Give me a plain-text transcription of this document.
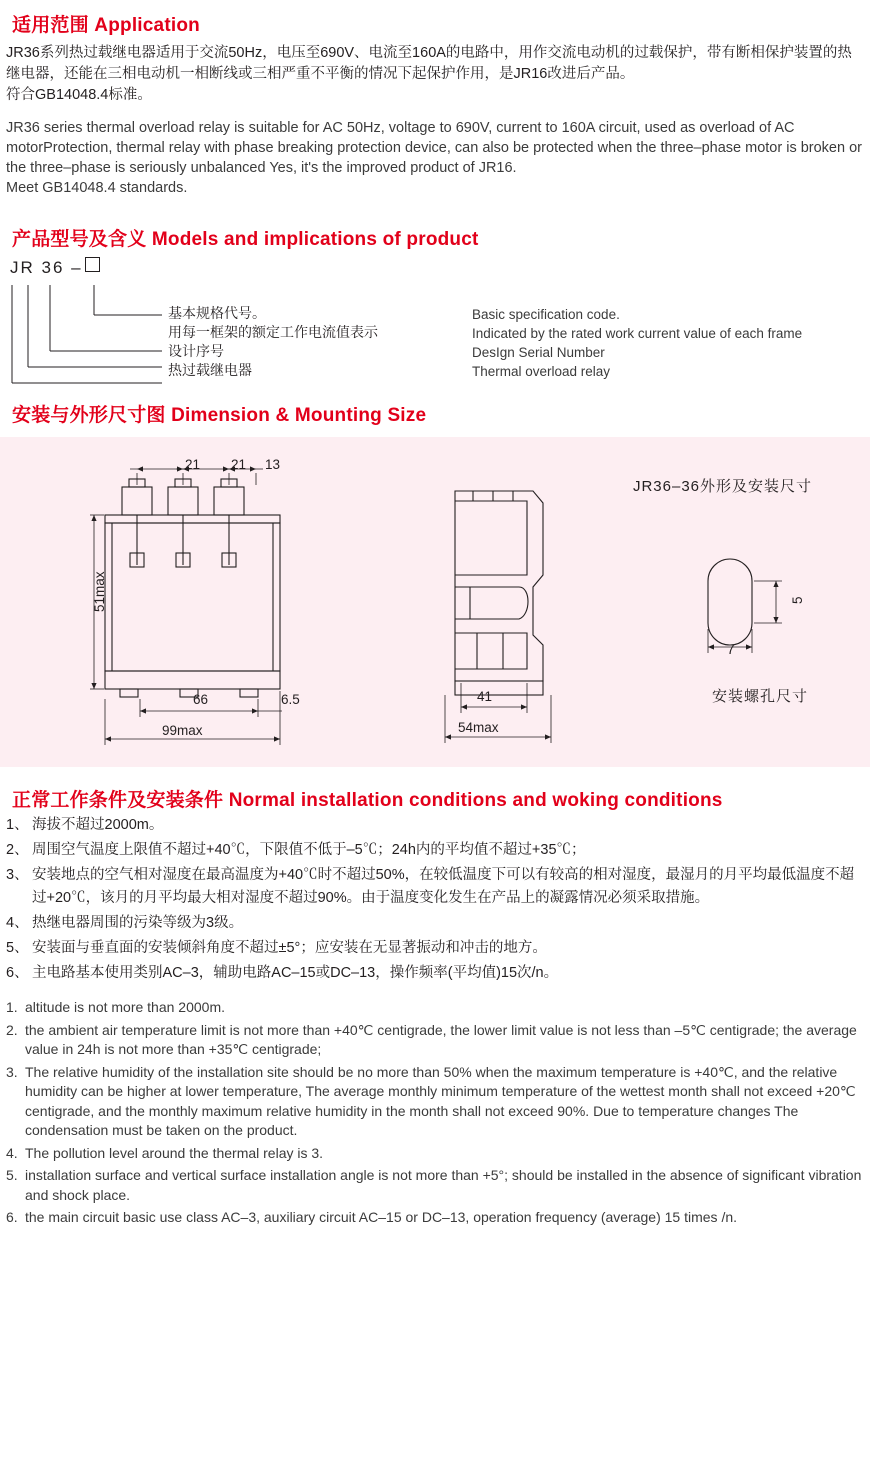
适用范围 Application

JR36系列热过载继电器适用于交流50Hz，电压至690V、电流至160A的电路中，用作交流电动机的过载保护，带有断相保护装置的热继电器，还能在三相电动机一相断线或三相严重不平衡的情况下起保护作用，是JR16改进后产品。

符合GB14048.4标准。

JR36 series thermal overload relay is suitable for AC 50Hz, voltage to 690V, current to 160A circuit, used as overload of AC motorProtection, thermal relay with phase breaking protection device, can also be protected when the three–phase motor is broken or the three–phase is seriously unbalanced Yes, it's the improved product of JR16.

Meet GB14048.4 standards.

产品型号及含义 Models and implications of product
JR 36 –
基本规格代号。
用每一框架的额定工作电流值表示
设计序号
热过载继电器
Basic specification code.
Indicated by the rated work current value of each frame
DesIgn Serial Number
Thermal overload relay
安装与外形尺寸图 Dimension & Mounting Size
JR36–36外形及安装尺寸
安装螺孔尺寸
21 21 13
51max
66	6.5
99max
41
54max
7
5
正常工作条件及安装条件 Normal installation conditions and woking conditions
1、 海拔不超过2000m。
2、 周围空气温度上限值不超过+40℃，下限值不低于–5℃；24h内的平均值不超过+35℃；
3、 安装地点的空气相对湿度在最高温度为+40℃时不超过50%，在较低温度下可以有较高的相对湿度，最湿月的月平均最低温度不超过+20℃，该月的月平均最大相对湿度不超过90%。由于温度变化发生在产品上的凝露情况必须采取措施。
4、 热继电器周围的污染等级为3级。
5、 安装面与垂直面的安装倾斜角度不超过±5°；应安装在无显著振动和冲击的地方。
6、 主电路基本使用类别AC–3，辅助电路AC–15或DC–13，操作频率(平均值)15次/n。
1. altitude is not more than 2000m.
2. the ambient air temperature limit is not more than +40℃ centigrade, the lower limit value is not less than –5℃ centigrade; the average value in 24h is not more than +35℃ centigrade;
3. The relative humidity of the installation site should be no more than 50% when the maximum temperature is +40℃, and the relative humidity can be higher at lower temperature, The average monthly minimum temperature of the wettest month shall not exceed +20℃ centigrade, and the monthly maximum relative humidity in the month shall not exceed 90%. Due to temperature changes The condensation must be taken on the product.
4. The pollution level around the thermal relay is 3.
5. installation surface and vertical surface installation angle is not more than +5°; should be installed in the absence of significant vibration and shock place.
6. the main circuit basic use class AC–3, auxiliary circuit AC–15 or DC–13, operation frequency (average) 15 times /n.
